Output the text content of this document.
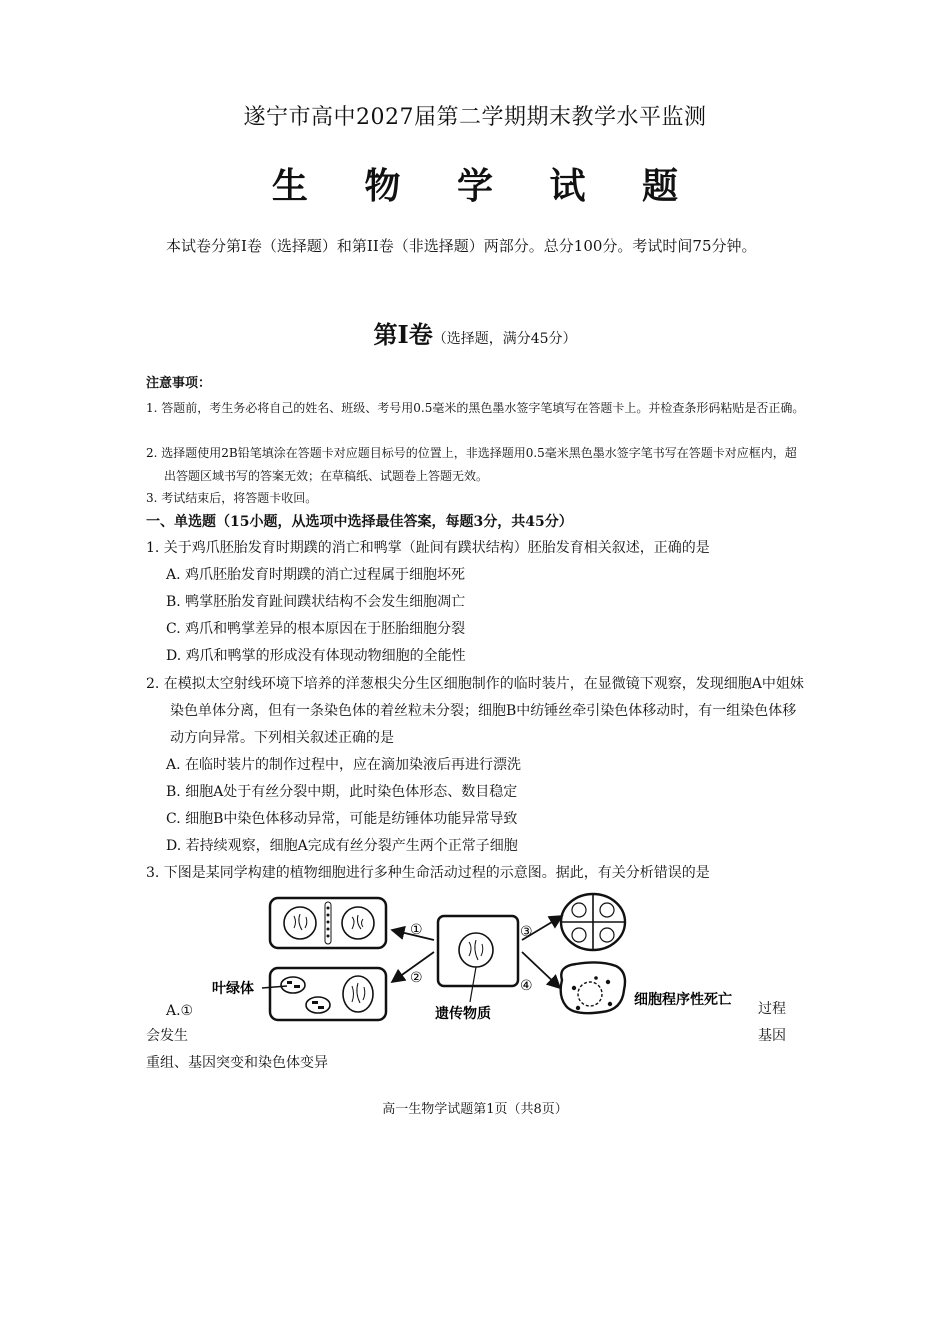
遂宁市高中2027届第二学期期末教学水平监测
生 物 学 试 题
本试卷分第Ⅰ卷（选择题）和第II卷（非选择题）两部分。总分100分。考试时间75分钟。
第Ⅰ卷（选择题，满分45分）
注意事项：
1. 答题前，考生务必将自己的姓名、班级、考号用0.5毫米的黑色墨水签字笔填写在答题卡上。并检查条形码粘贴是否正确。
2. 选择题使用2B铅笔填涂在答题卡对应题目标号的位置上，非选择题用0.5毫米黑色墨水签字笔书写在答题卡对应框内，超出答题区域书写的答案无效；在草稿纸、试题卷上答题无效。
3. 考试结束后，将答题卡收回。
一、单选题（15小题，从选项中选择最佳答案，每题3分，共45分）
1. 关于鸡爪胚胎发育时期蹼的消亡和鸭掌（趾间有蹼状结构）胚胎发育相关叙述，正确的是
A. 鸡爪胚胎发育时期蹼的消亡过程属于细胞坏死
B. 鸭掌胚胎发育趾间蹼状结构不会发生细胞凋亡
C. 鸡爪和鸭掌差异的根本原因在于胚胎细胞分裂
D. 鸡爪和鸭掌的形成没有体现动物细胞的全能性
2. 在模拟太空射线环境下培养的洋葱根尖分生区细胞制作的临时装片，在显微镜下观察，发现细胞A中姐妹染色单体分离，但有一条染色体的着丝粒未分裂；细胞B中纺锤丝牵引染色体移动时，有一组染色体移动方向异常。下列相关叙述正确的是
A. 在临时装片的制作过程中，应在滴加染液后再进行漂洗
B. 细胞A处于有丝分裂中期，此时染色体形态、数目稳定
C. 细胞B中染色体移动异常，可能是纺锤体功能异常导致
D. 若持续观察，细胞A完成有丝分裂产生两个正常子细胞
3. 下图是某同学构建的植物细胞进行多种生命活动过程的示意图。据此，有关分析错误的是
叶绿体
遗传物质
①
②
③
④
细胞程序性死亡
A.①	过程
会发生	基因
重组、基因突变和染色体变异
高一生物学试题第1页（共8页）
